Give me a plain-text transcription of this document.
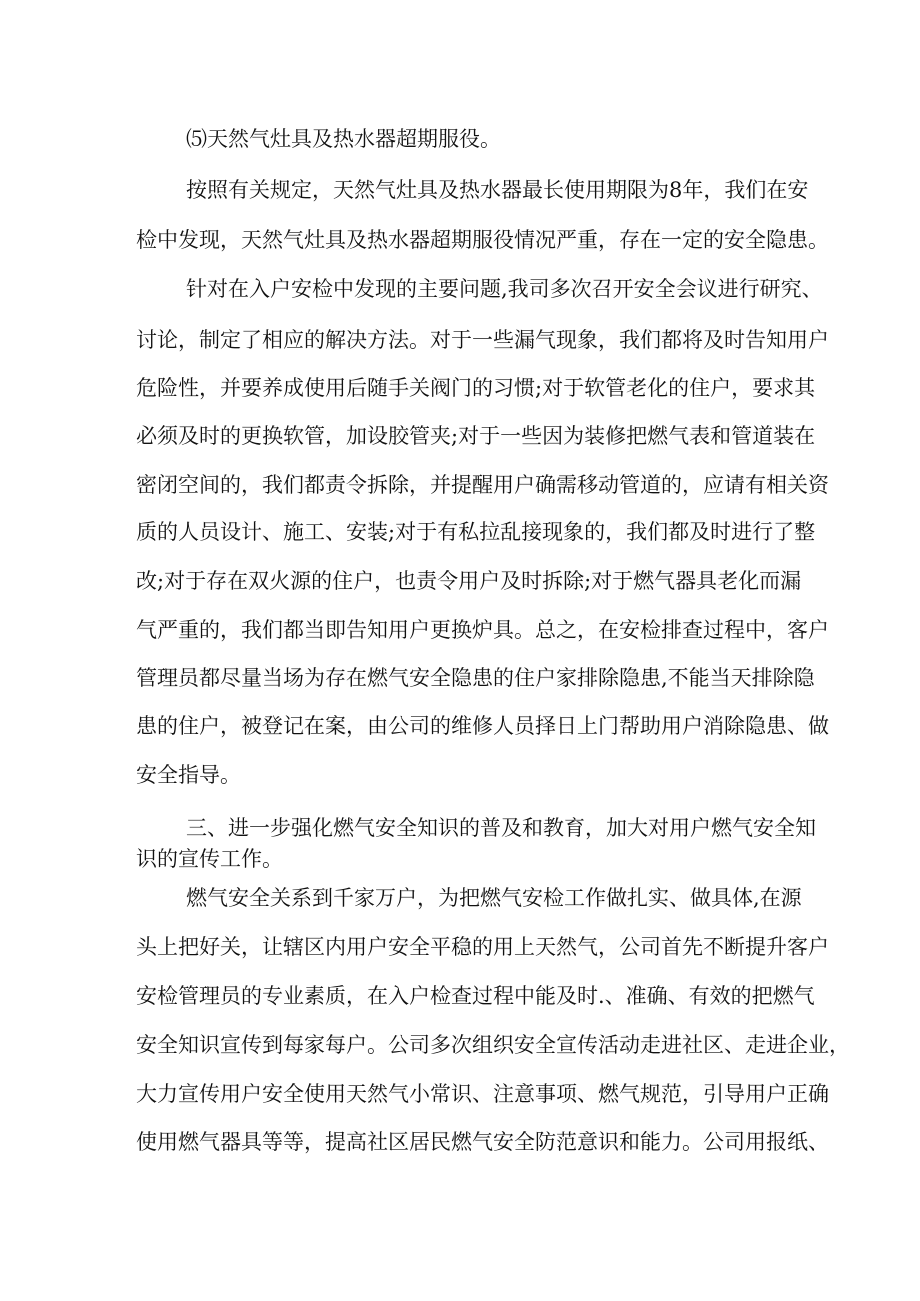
⑸天然气灶具及热水器超期服役。
按照有关规定，天然气灶具及热水器最长使用期限为8年，我们在安
检中发现，天然气灶具及热水器超期服役情况严重，存在一定的安全隐患。
针对在入户安检中发现的主要问题,我司多次召开安全会议进行研究、
讨论，制定了相应的解决方法。对于一些漏气现象，我们都将及时告知用户
危险性，并要养成使用后随手关阀门的习惯;对于软管老化的住户，要求其
必须及时的更换软管，加设胶管夹;对于一些因为装修把燃气表和管道装在
密闭空间的，我们都责令拆除，并提醒用户确需移动管道的，应请有相关资
质的人员设计、施工、安装;对于有私拉乱接现象的，我们都及时进行了整
改;对于存在双火源的住户，也责令用户及时拆除;对于燃气器具老化而漏
气严重的，我们都当即告知用户更换炉具。总之，在安检排查过程中，客户
管理员都尽量当场为存在燃气安全隐患的住户家排除隐患,不能当天排除隐
患的住户，被登记在案，由公司的维修人员择日上门帮助用户消除隐患、做
安全指导。
三、进一步强化燃气安全知识的普及和教育，加大对用户燃气安全知
识的宣传工作。
燃气安全关系到千家万户，为把燃气安检工作做扎实、做具体,在源
头上把好关，让辖区内用户安全平稳的用上天然气，公司首先不断提升客户
安检管理员的专业素质，在入户检查过程中能及时.、准确、有效的把燃气
安全知识宣传到每家每户。公司多次组织安全宣传活动走进社区、走进企业，
大力宣传用户安全使用天然气小常识、注意事项、燃气规范，引导用户正确
使用燃气器具等等，提高社区居民燃气安全防范意识和能力。公司用报纸、
